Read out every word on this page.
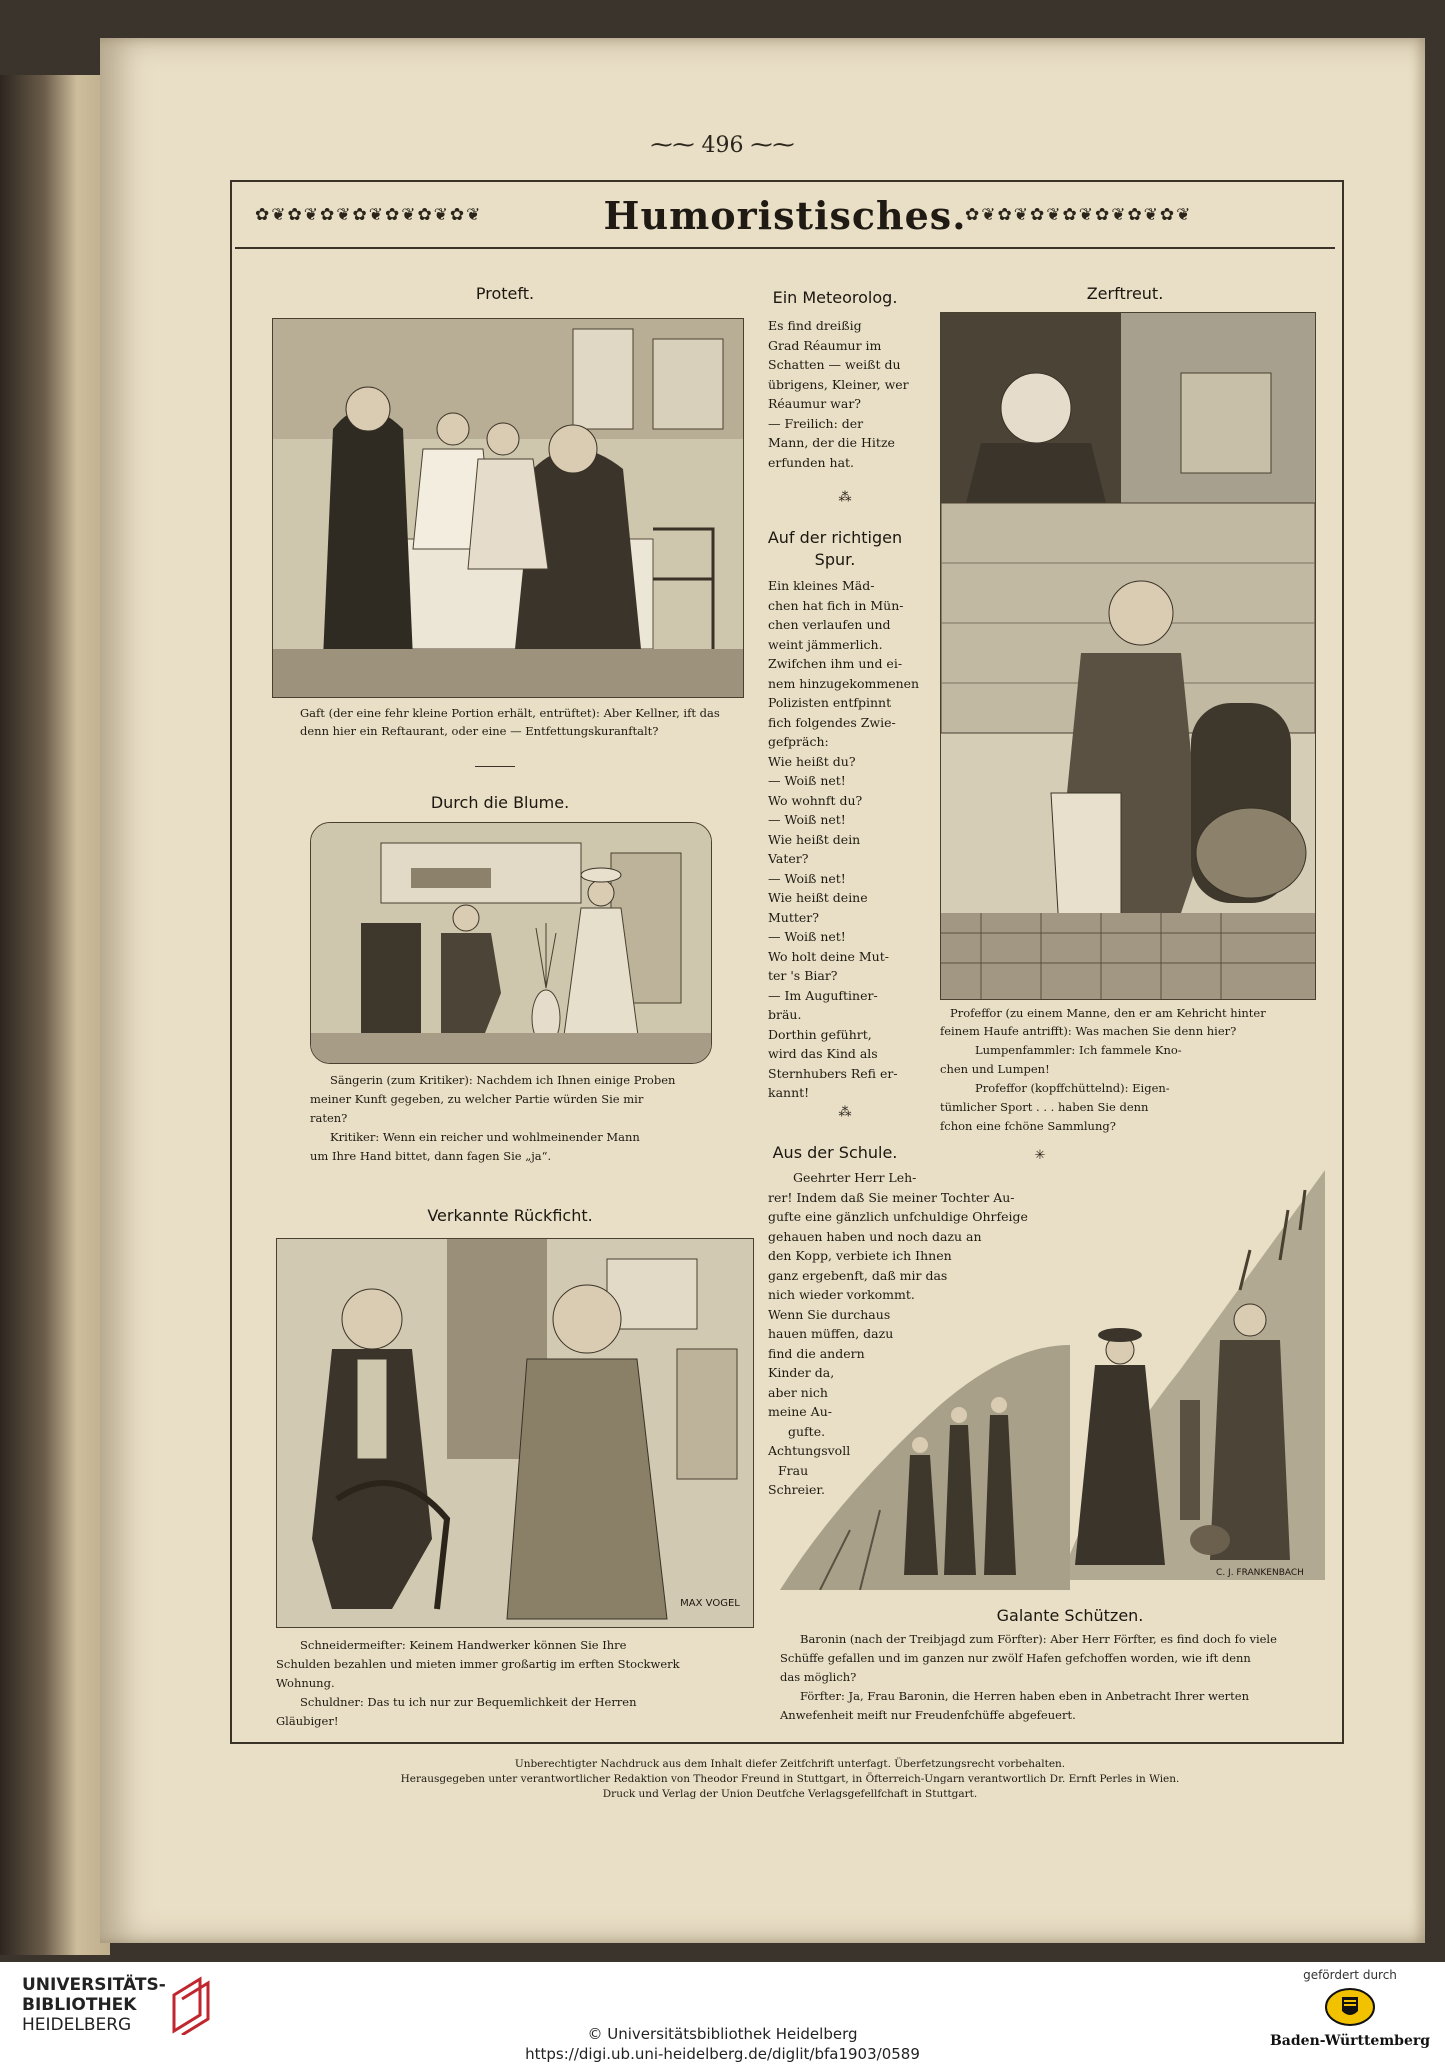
⁓⁓ 496 ⁓⁓
✿❦✿❦✿❦✿❦✿❦✿❦✿❦	Humoristisches.
✿❦✿❦✿❦✿❦✿❦✿❦✿❦
Proteft.
Gaft (der eine fehr kleine Portion erhält, entrüftet): Aber Kellner, ift das
denn hier ein Reftaurant, oder eine — Entfettungskuranftalt?
Durch die Blume.
Sängerin (zum Kritiker): Nachdem ich Ihnen einige Proben
meiner Kunft gegeben, zu welcher Partie würden Sie mir
raten?
Kritiker: Wenn ein reicher und wohlmeinender Mann
um Ihre Hand bittet, dann fagen Sie „ja“.
Verkannte Rückficht.
MAX VOGEL
Schneidermeifter: Keinem Handwerker können Sie Ihre
Schulden bezahlen und mieten immer großartig im erften Stockwerk
Wohnung.
Schuldner: Das tu ich nur zur Bequemlichkeit der Herren
Gläubiger!
Ein Meteorolog.
Es find dreißig
Grad Réaumur im
Schatten — weißt du
übrigens, Kleiner, wer
Réaumur war?
— Freilich: der
Mann, der die Hitze
erfunden hat.
⁂
Auf der richtigen
Spur.
Ein kleines Mäd-
chen hat fich in Mün-
chen verlaufen und
weint jämmerlich.
Zwifchen ihm und ei-
nem hinzugekommenen
Polizisten entfpinnt
fich folgendes Zwie-
gefpräch:
Wie heißt du?
— Woiß net!
Wo wohnft du?
— Woiß net!
Wie heißt dein
Vater?
— Woiß net!
Wie heißt deine
Mutter?
— Woiß net!
Wo holt deine Mut-
ter 's Biar?
— Im Auguftiner-
bräu.
Dorthin geführt,
wird das Kind als
Sternhubers Refi er-
kannt!
⁂
Aus der Schule.
Geehrter Herr Leh-
rer! Indem daß Sie meiner Tochter Au-
gufte eine gänzlich unfchuldige Ohrfeige
gehauen haben und noch dazu an
den Kopp, verbiete ich Ihnen
ganz ergebenft, daß mir das
nich wieder vorkommt.
Wenn Sie durchaus
hauen müffen, dazu
find die andern
Kinder da,
aber nich
meine Au-
gufte.
Achtungsvoll
Frau
Schreier.
Zerftreut.
Profeffor (zu einem Manne, den er am Kehricht hinter
feinem Haufe antrifft): Was machen Sie denn hier?
Lumpenfammler: Ich fammele Kno-
chen und Lumpen!
Profeffor (kopffchüttelnd): Eigen-
tümlicher Sport . . . haben Sie denn
fchon eine fchöne Sammlung?
✳
C. J. FRANKENBACH
Galante Schützen.
Baronin (nach der Treibjagd zum Förfter): Aber Herr Förfter, es find doch fo viele
Schüffe gefallen und im ganzen nur zwölf Hafen gefchoffen worden, wie ift denn
das möglich?
Förfter: Ja, Frau Baronin, die Herren haben eben in Anbetracht Ihrer werten
Anwefenheit meift nur Freudenfchüffe abgefeuert.
Unberechtigter Nachdruck aus dem Inhalt diefer Zeitfchrift unterfagt. Überfetzungsrecht vorbehalten.
Herausgegeben unter verantwortlicher Redaktion von Theodor Freund in Stuttgart, in Öfterreich-Ungarn verantwortlich Dr. Ernft Perles in Wien.
Druck und Verlag der Union Deutfche Verlagsgefellfchaft in Stuttgart.
UNIVERSITÄTS-
BIBLIOTHEK
HEIDELBERG	© Universitätsbibliothek Heidelberg
https://digi.ub.uni-heidelberg.de/diglit/bfa1903/0589
gefördert durch
Baden-Württemberg
